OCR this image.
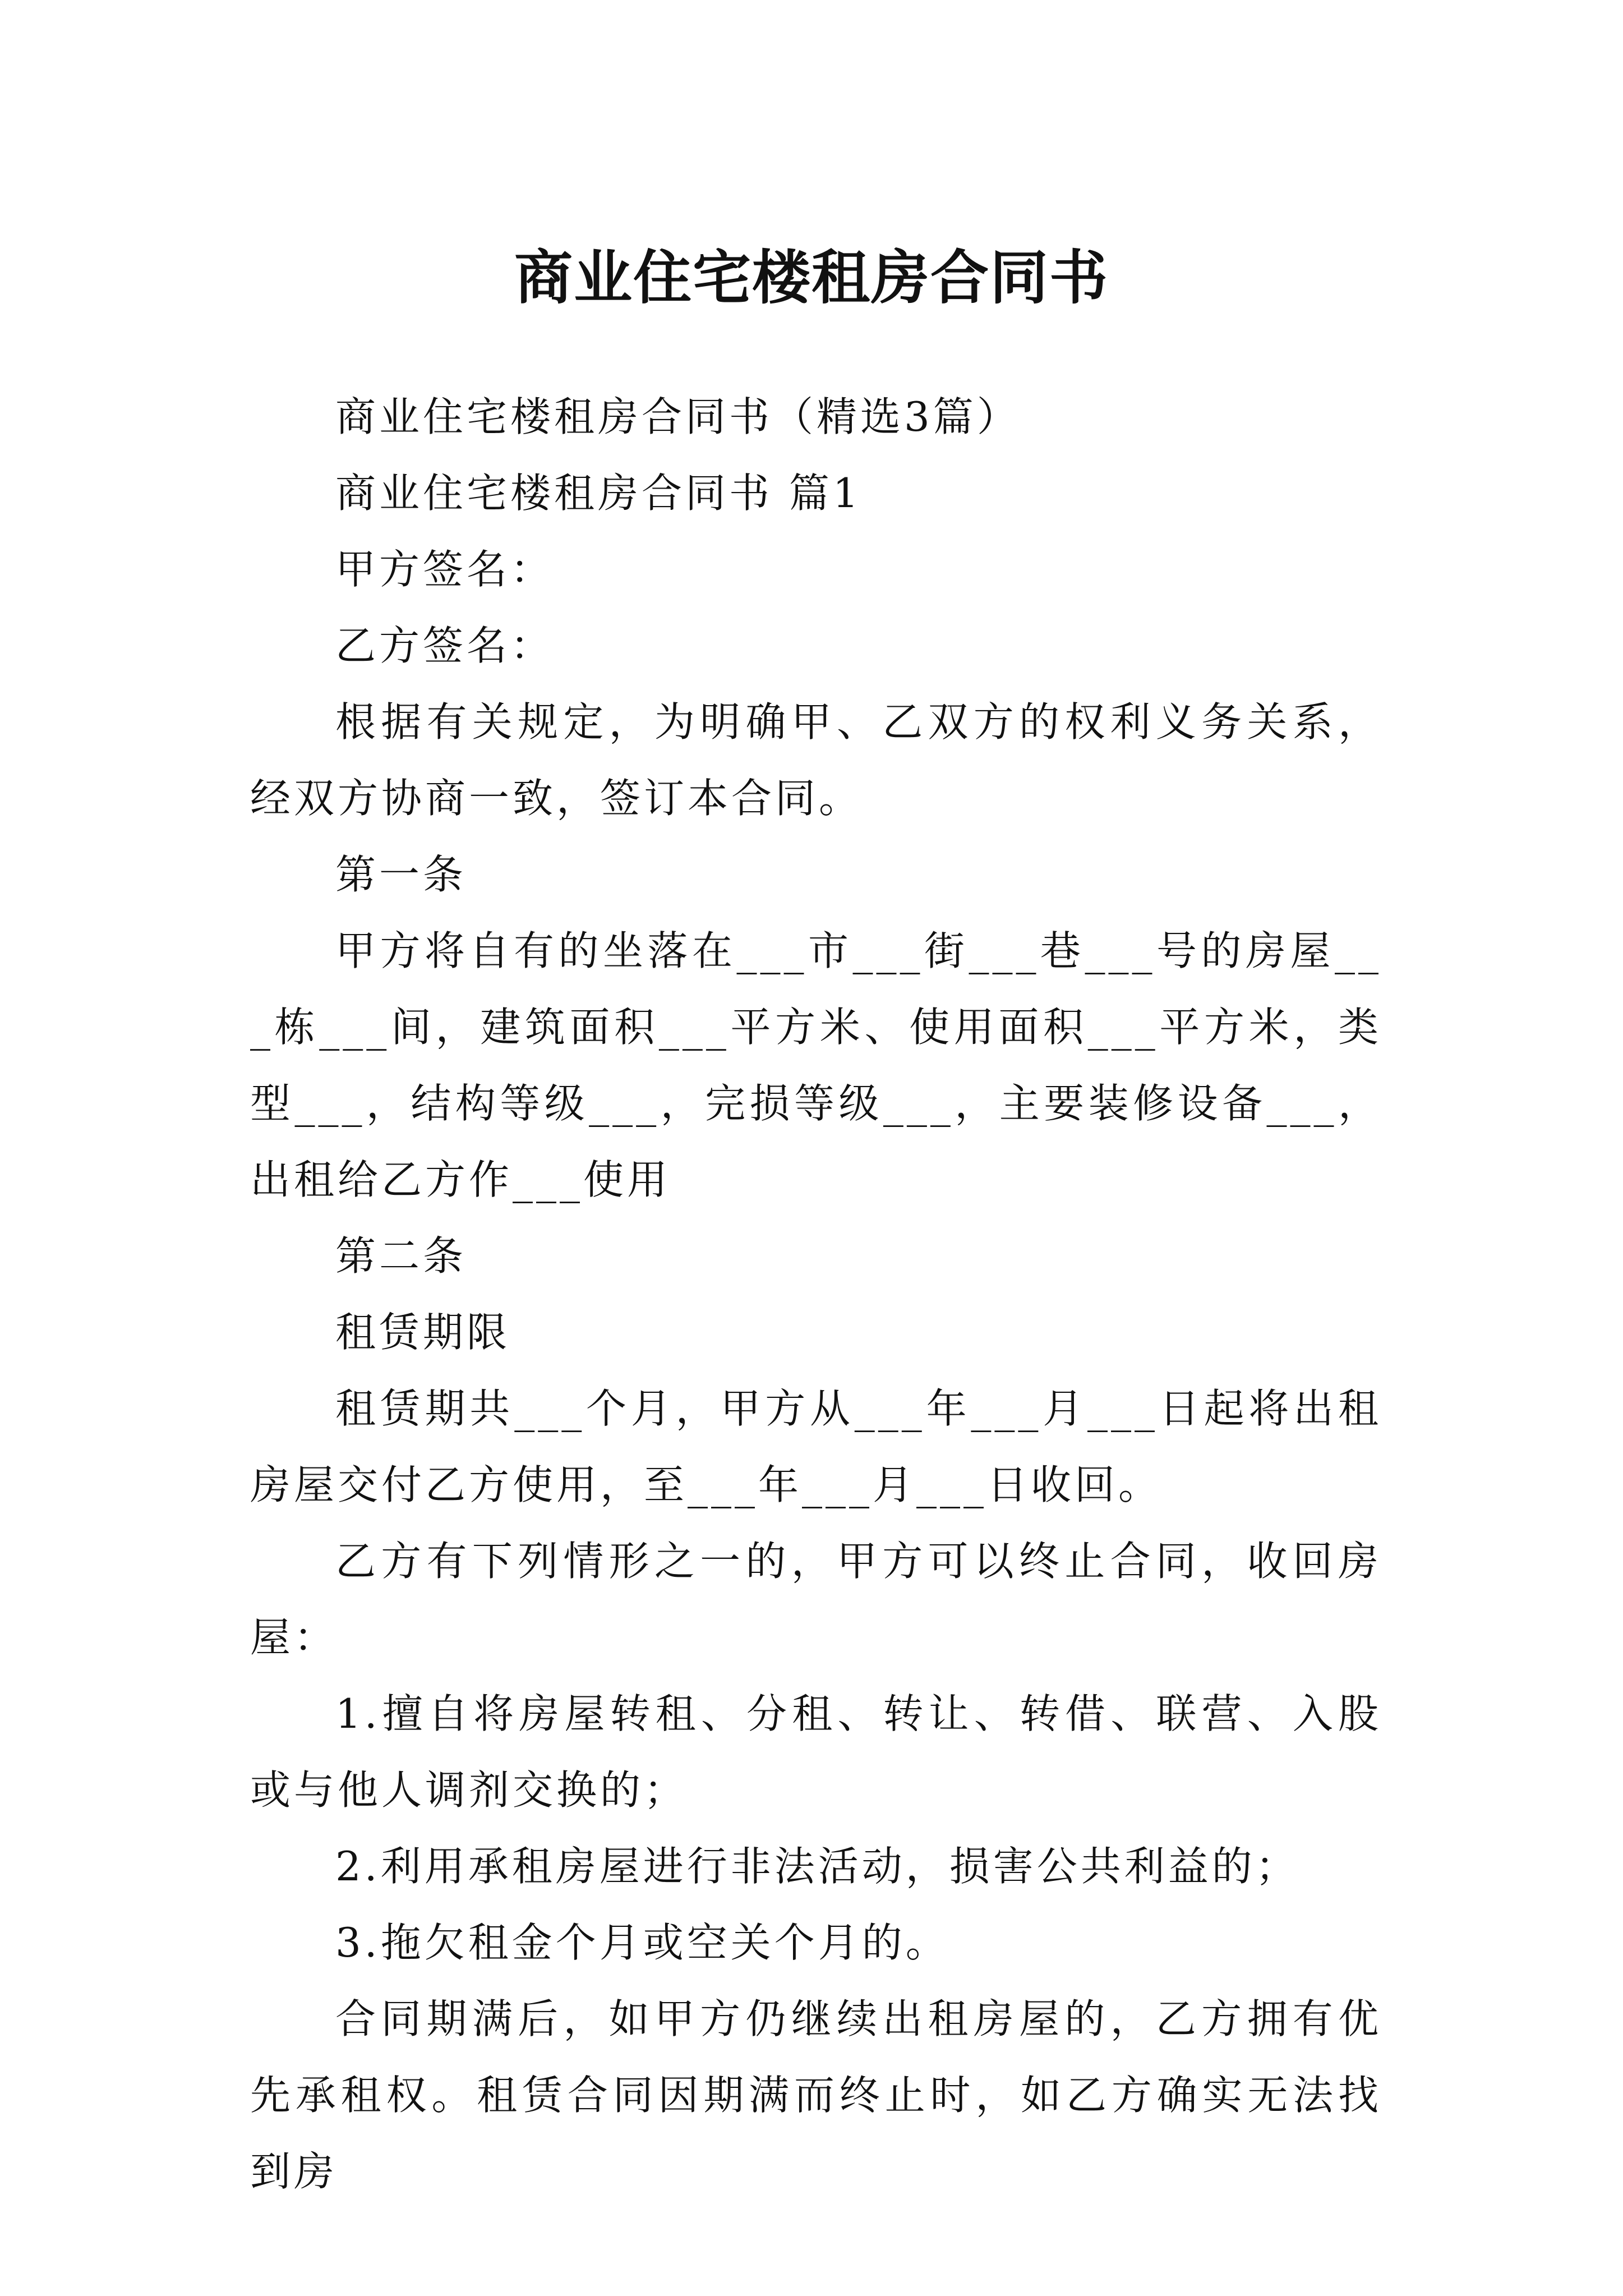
商业住宅楼租房合同书

商业住宅楼租房合同书（精选3篇）

商业住宅楼租房合同书 篇1

甲方签名：

乙方签名：

根据有关规定，为明确甲、乙双方的权利义务关系，经双方协商一致，签订本合同。

第一条

甲方将自有的坐落在___市___街___巷___号的房屋___栋___间，建筑面积___平方米、使用面积___平方米，类型___，结构等级___，完损等级___，主要装修设备___，出租给乙方作___使用

第二条

租赁期限

租赁期共___个月，甲方从___年___月___日起将出租房屋交付乙方使用，至___年___月___日收回。

乙方有下列情形之一的，甲方可以终止合同，收回房屋：

1.擅自将房屋转租、分租、转让、转借、联营、入股或与他人调剂交换的；

2.利用承租房屋进行非法活动，损害公共利益的；

3.拖欠租金个月或空关个月的。

合同期满后，如甲方仍继续出租房屋的，乙方拥有优先承租权。租赁合同因期满而终止时，如乙方确实无法找到房
